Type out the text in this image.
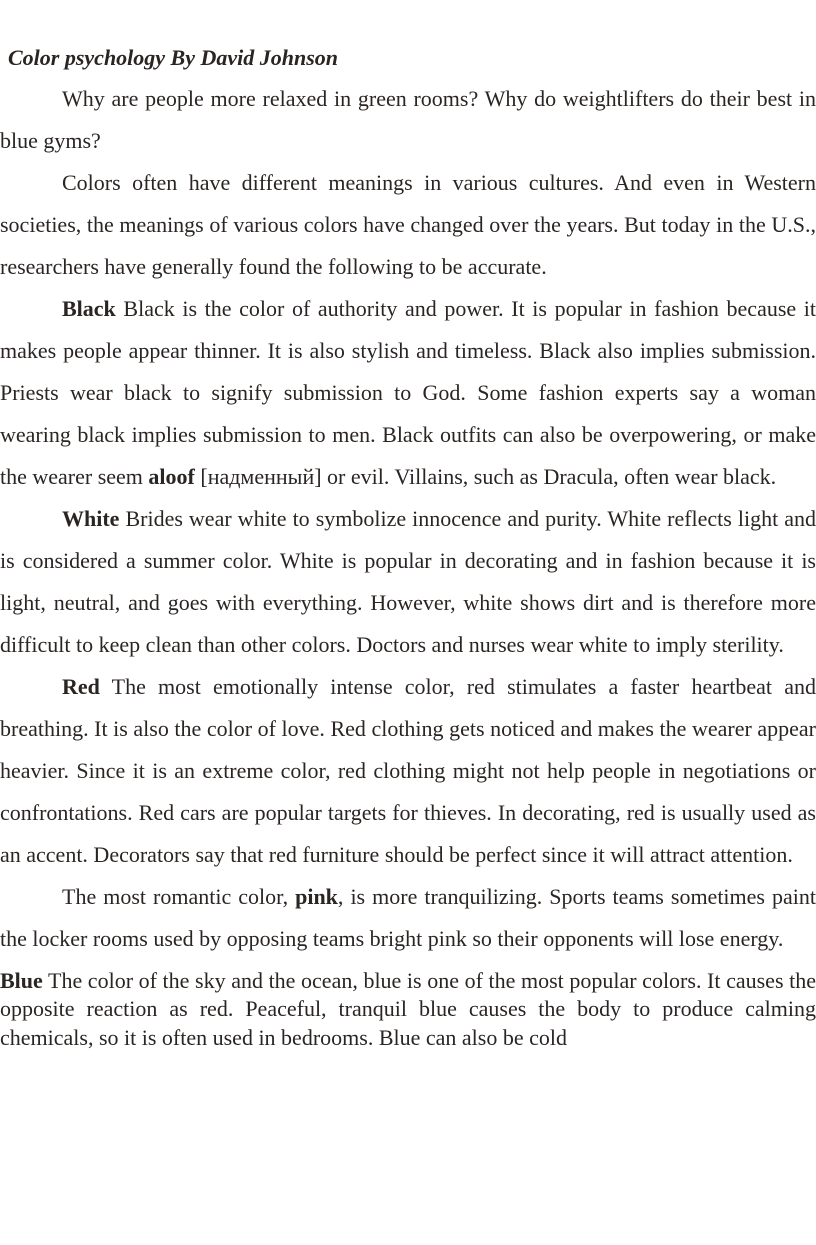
Color psychology By David Johnson

Why are people more relaxed in green rooms? Why do weightlifters do their best in blue gyms?

Colors often have different meanings in various cultures. And even in Western societies, the meanings of various colors have changed over the years. But today in the U.S., researchers have generally found the following to be accurate.

Black Black is the color of authority and power. It is popular in fashion because it makes people appear thinner. It is also stylish and timeless. Black also implies submission. Priests wear black to signify submission to God. Some fashion experts say a woman wearing black implies submission to men. Black outfits can also be overpowering, or make the wearer seem aloof [надменный] or evil. Villains, such as Dracula, often wear black.

White Brides wear white to symbolize innocence and purity. White reflects light and is considered a summer color. White is popular in decorating and in fashion because it is light, neutral, and goes with everything. However, white shows dirt and is therefore more difficult to keep clean than other colors. Doctors and nurses wear white to imply sterility.

Red The most emotionally intense color, red stimulates a faster heartbeat and breathing. It is also the color of love. Red clothing gets noticed and makes the wearer appear heavier. Since it is an extreme color, red clothing might not help people in negotiations or confrontations. Red cars are popular targets for thieves. In decorating, red is usually used as an accent. Decorators say that red furniture should be perfect since it will attract attention.

The most romantic color, pink, is more tranquilizing. Sports teams sometimes paint the locker rooms used by opposing teams bright pink so their opponents will lose energy.

Blue The color of the sky and the ocean, blue is one of the most popular colors. It causes the opposite reaction as red. Peaceful, tranquil blue causes the body to produce calming chemicals, so it is often used in bedrooms. Blue can also be cold
